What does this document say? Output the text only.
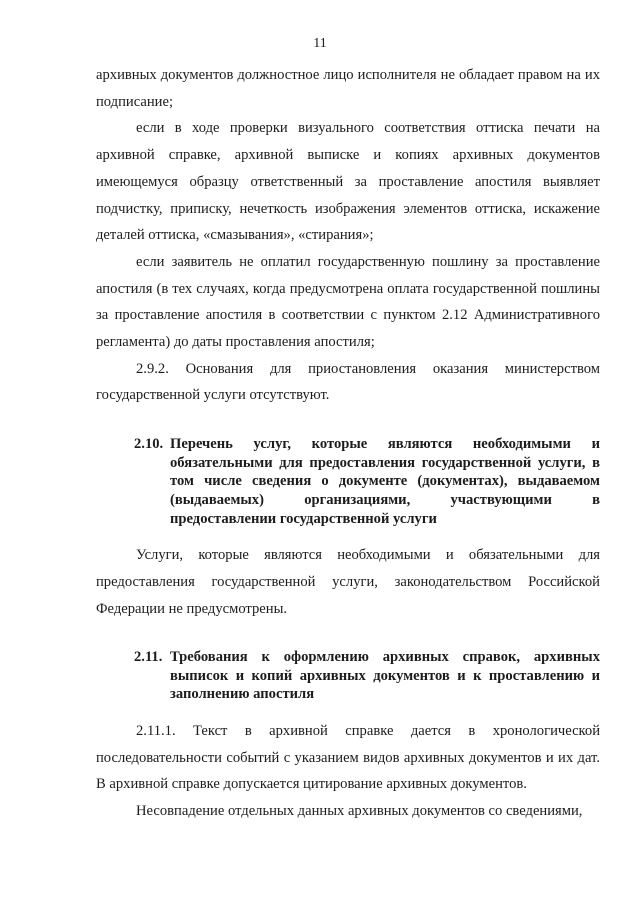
11

архивных документов должностное лицо исполнителя не обладает правом на их подписание;

если в ходе проверки визуального соответствия оттиска печати на архивной справке, архивной выписке и копиях архивных документов имеющемуся образцу ответственный за проставление апостиля выявляет подчистку, приписку, нечеткость изображения элементов оттиска, искажение деталей оттиска, «смазывания», «стирания»;

если заявитель не оплатил государственную пошлину за проставление апостиля (в тех случаях, когда предусмотрена оплата государственной пошлины за проставление апостиля в соответствии с пунктом 2.12 Административного регламента) до даты проставления апостиля;

2.9.2. Основания для приостановления оказания министерством государственной услуги отсутствуют.

2.10. Перечень услуг, которые являются необходимыми и обязательными для предоставления государственной услуги, в том числе сведения о документе (документах), выдаваемом (выдаваемых) организациями, участвующими в предоставлении государственной услуги

Услуги, которые являются необходимыми и обязательными для предоставления государственной услуги, законодательством Российской Федерации не предусмотрены.

2.11. Требования к оформлению архивных справок, архивных выписок и копий архивных документов и к проставлению и заполнению апостиля

2.11.1. Текст в архивной справке дается в хронологической последовательности событий с указанием видов архивных документов и их дат. В архивной справке допускается цитирование архивных документов.

Несовпадение отдельных данных архивных документов со сведениями,
